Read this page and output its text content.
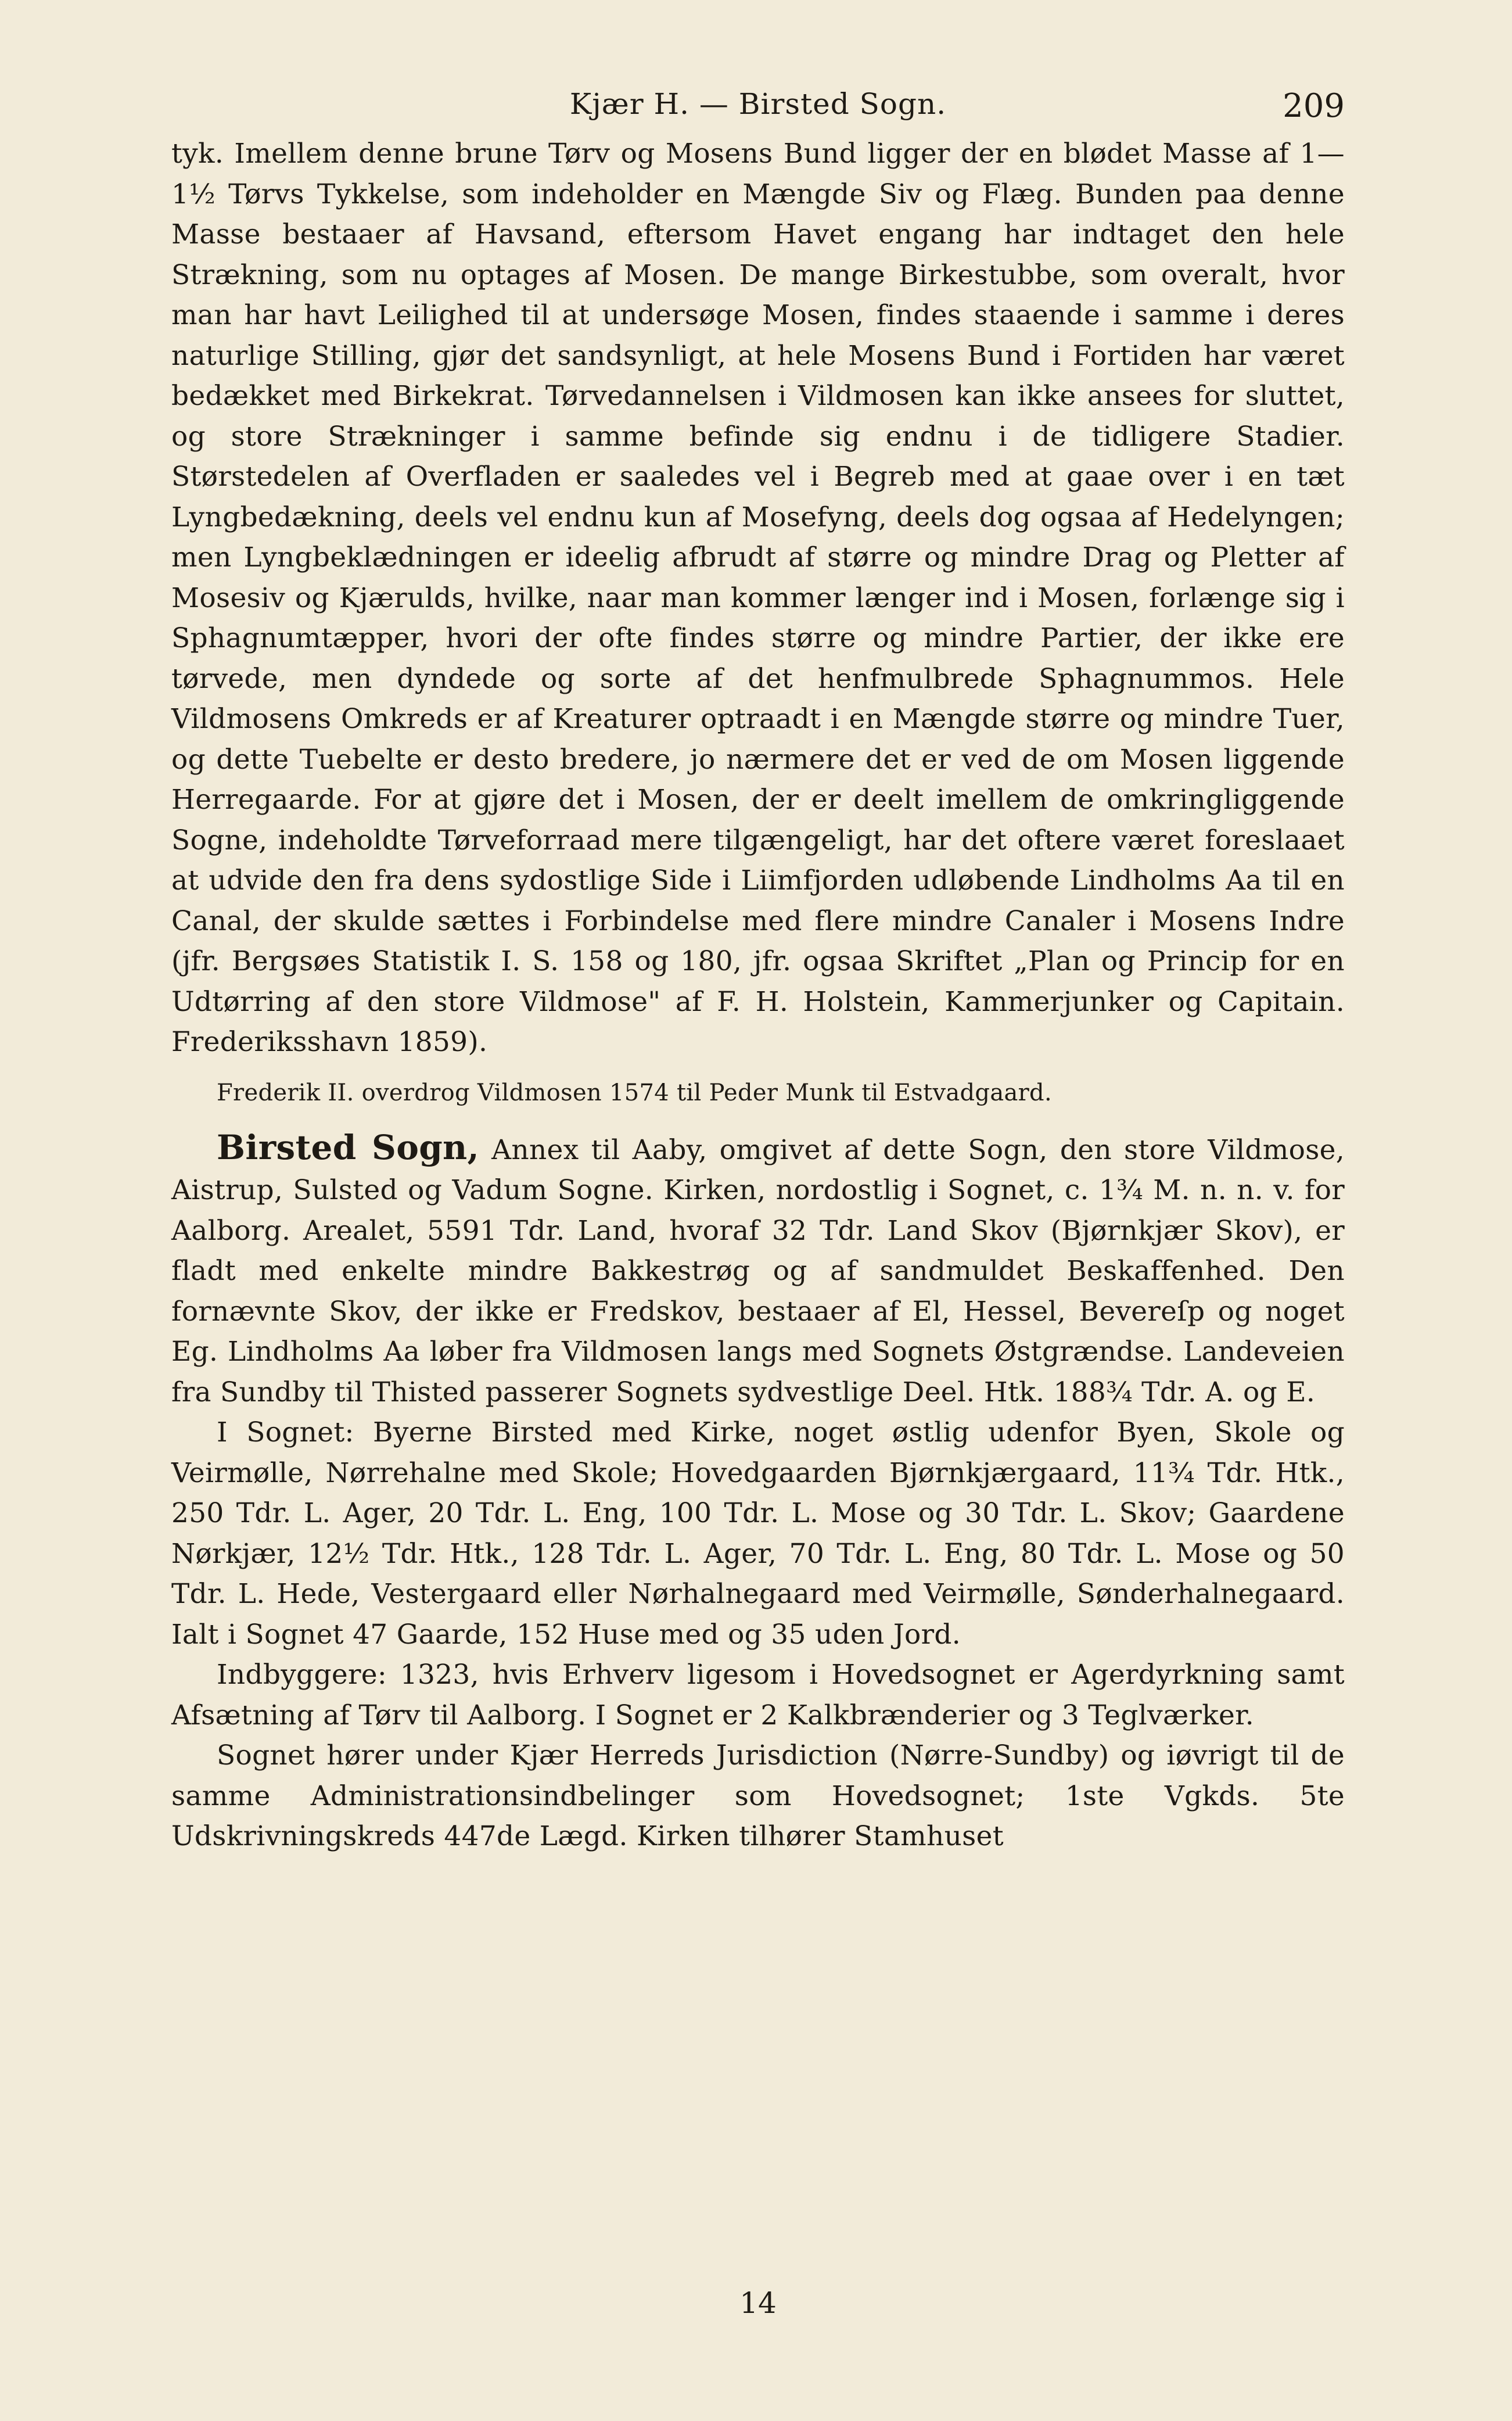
Kjær H. — Birsted Sogn.	209

tyk. Imellem denne brune Tørv og Mosens Bund ligger der en blødet Masse af 1—1½ Tørvs Tykkelse, som indeholder en Mængde Siv og Flæg. Bunden paa denne Masse bestaaer af Havsand, eftersom Havet engang har indtaget den hele Strækning, som nu optages af Mosen. De mange Birkestubbe, som overalt, hvor man har havt Leilighed til at undersøge Mosen, findes staaende i samme i deres naturlige Stilling, gjør det sandsynligt, at hele Mosens Bund i Fortiden har været bedækket med Birkekrat. Tørvedannelsen i Vildmosen kan ikke ansees for sluttet, og store Strækninger i samme befinde sig endnu i de tidligere Stadier. Størstedelen af Overfladen er saaledes vel i Begreb med at gaae over i en tæt Lyngbedækning, deels vel endnu kun af Mosefyng, deels dog ogsaa af Hedelyngen; men Lyngbeklædningen er ideelig afbrudt af større og mindre Drag og Pletter af Mosesiv og Kjærulds, hvilke, naar man kommer længer ind i Mosen, forlænge sig i Sphagnumtæpper, hvori der ofte findes større og mindre Partier, der ikke ere tørvede, men dyndede og sorte af det henfmulbrede Sphagnummos. Hele Vildmosens Omkreds er af Kreaturer optraadt i en Mængde større og mindre Tuer, og dette Tuebelte er desto bredere, jo nærmere det er ved de om Mosen liggende Herregaarde. For at gjøre det i Mosen, der er deelt imellem de omkringliggende Sogne, indeholdte Tørveforraad mere tilgængeligt, har det oftere været foreslaaet at udvide den fra dens sydostlige Side i Liimfjorden udløbende Lindholms Aa til en Canal, der skulde sættes i Forbindelse med flere mindre Canaler i Mosens Indre (jfr. Bergsøes Statistik I. S. 158 og 180, jfr. ogsaa Skriftet „Plan og Princip for en Udtørring af den store Vildmose" af F. H. Holstein, Kammerjunker og Capitain. Frederiksshavn 1859).

Frederik II. overdrog Vildmosen 1574 til Peder Munk til Estvadgaard.

Birsted Sogn, Annex til Aaby, omgivet af dette Sogn, den store Vildmose, Aistrup, Sulsted og Vadum Sogne. Kirken, nordostlig i Sognet, c. 1¾ M. n. n. v. for Aalborg. Arealet, 5591 Tdr. Land, hvoraf 32 Tdr. Land Skov (Bjørnkjær Skov), er fladt med enkelte mindre Bakkestrøg og af sandmuldet Beskaffenhed. Den fornævnte Skov, der ikke er Fredskov, bestaaer af El, Hessel, Bevereſp og noget Eg. Lindholms Aa løber fra Vildmosen langs med Sognets Østgrændse. Landeveien fra Sundby til Thisted passerer Sognets sydvestlige Deel. Htk. 188¾ Tdr. A. og E.

I Sognet: Byerne Birsted med Kirke, noget østlig udenfor Byen, Skole og Veirmølle, Nørrehalne med Skole; Hovedgaarden Bjørnkjærgaard, 11¾ Tdr. Htk., 250 Tdr. L. Ager, 20 Tdr. L. Eng, 100 Tdr. L. Mose og 30 Tdr. L. Skov; Gaardene Nørkjær, 12½ Tdr. Htk., 128 Tdr. L. Ager, 70 Tdr. L. Eng, 80 Tdr. L. Mose og 50 Tdr. L. Hede, Vestergaard eller Nørhalnegaard med Veirmølle, Sønderhalnegaard. Ialt i Sognet 47 Gaarde, 152 Huse med og 35 uden Jord.

Indbyggere: 1323, hvis Erhverv ligesom i Hovedsognet er Agerdyrkning samt Afsætning af Tørv til Aalborg. I Sognet er 2 Kalkbrænderier og 3 Teglværker.

Sognet hører under Kjær Herreds Jurisdiction (Nørre-Sundby) og iøvrigt til de samme Administrationsindbelinger som Hovedsognet; 1ste Vgkds. 5te Udskrivningskreds 447de Lægd. Kirken tilhører Stamhuset

14
